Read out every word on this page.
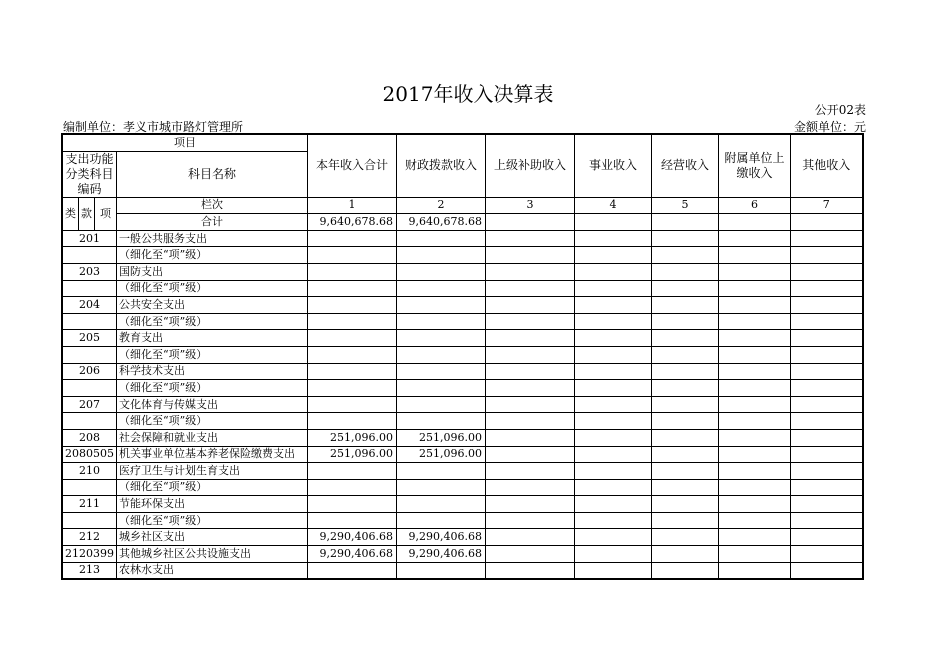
2017年收入决算表
公开02表
编制单位：孝义市城市路灯管理所	金额单位：元
项目				本年收入合计	财政拨款收入	上级补助收入	事业收入	经营收入	附属单位上缴收入	其他收入
支出功能分类科目编码			科目名称							

类	款	项	栏次	1	2	3	4	5	6	7
			合计	9,640,678.68	9,640,678.68					
201			一般公共服务支出							
			（细化至“项”级）							
203			国防支出							
			（细化至“项”级）							
204			公共安全支出							
			（细化至“项”级）							
205			教育支出							
			（细化至“项”级）							
206			科学技术支出							
			（细化至“项”级）							
207			文化体育与传媒支出							
			（细化至“项”级）							
208			社会保障和就业支出	251,096.00	251,096.00					
2080505			机关事业单位基本养老保险缴费支出	251,096.00	251,096.00					
210			医疗卫生与计划生育支出							
			（细化至“项”级）							
211			节能环保支出							
			（细化至“项”级）							
212			城乡社区支出	9,290,406.68	9,290,406.68					
2120399			其他城乡社区公共设施支出	9,290,406.68	9,290,406.68					
213			农林水支出							
